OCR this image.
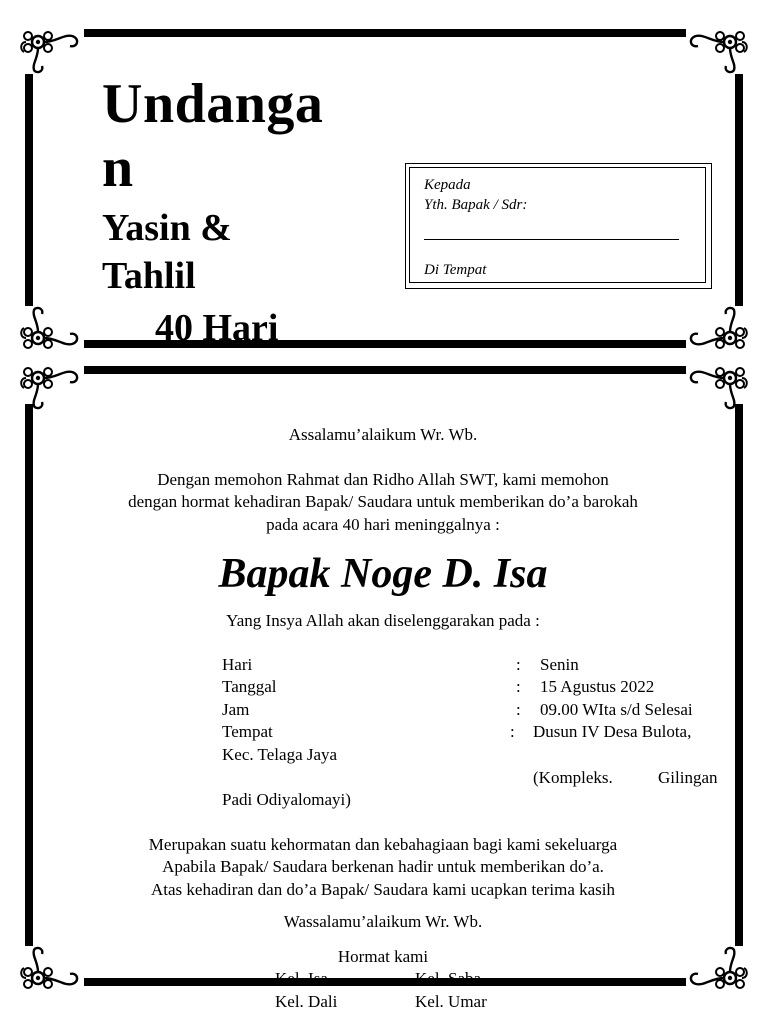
Undanga
n
Yasin &
Tahlil
40 Hari
Kepada
Yth. Bapak / Sdr:
Di Tempat
Assalamu’alaikum Wr. Wb.
Dengan memohon Rahmat dan Ridho Allah SWT, kami memohon
dengan hormat kehadiran Bapak/ Saudara untuk memberikan do’a barokah
pada acara 40 hari meninggalnya :
Bapak Noge D. Isa
Yang Insya Allah akan diselenggarakan pada :
Hari	: Senin
Tanggal	: 15 Agustus 2022
Jam	: 09.00 WIta s/d Selesai
Tempat	: Dusun IV Desa Bulota,
Kec. Telaga Jaya
(Kompleks.	Gilingan
Padi Odiyalomayi)
Merupakan suatu kehormatan dan kebahagiaan bagi kami sekeluarga
Apabila Bapak/ Saudara berkenan hadir untuk memberikan do’a.
Atas kehadiran dan do’a Bapak/ Saudara kami ucapkan terima kasih
Wassalamu’alaikum Wr. Wb.
Hormat kami
Kel. Isa	Kel. Saba
Kel. Dali	Kel. Umar
